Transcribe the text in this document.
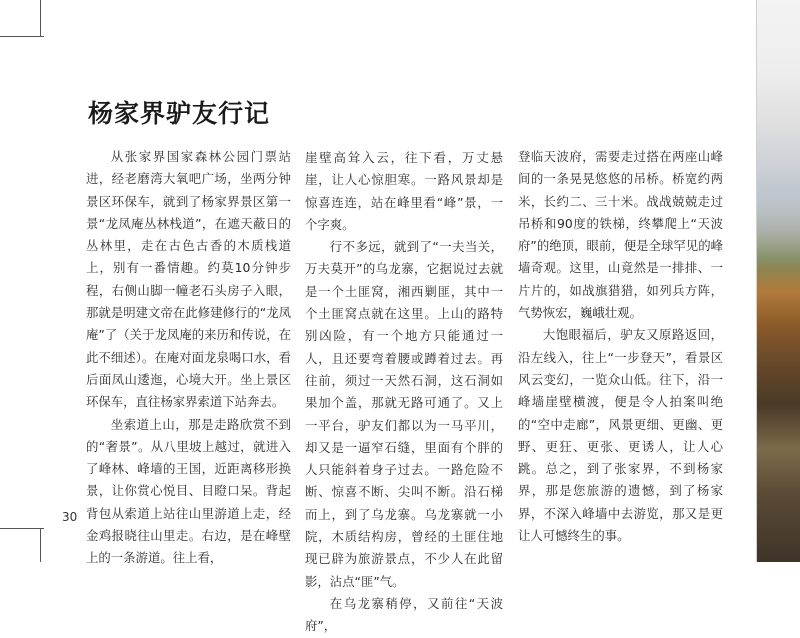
杨家界驴友行记

从张家界国家森林公园门票站进，经老磨湾大氧吧广场，坐两分钟景区环保车，就到了杨家界景区第一景“龙凤庵丛林栈道”，在遮天蔽日的丛林里，走在古色古香的木质栈道上，别有一番情趣。约莫10分钟步程，右侧山脚一幢老石头房子入眼，那就是明建文帝在此修建修行的“龙凤庵”了（关于龙凤庵的来历和传说，在此不细述）。在庵对面龙泉喝口水，看后面凤山逶迤，心境大开。坐上景区环保车，直往杨家界索道下站奔去。

坐索道上山，那是走路欣赏不到的“奢景”。从八里坡上越过，就进入了峰林、峰墙的王国，近距离移形换景，让你赏心悦目、目瞪口呆。背起背包从索道上站往山里游道上走，经金鸡报晓往山里走。右边，是在峰壁上的一条游道。往上看，

崖壁高耸入云，往下看，万丈悬崖，让人心惊胆寒。一路风景却是惊喜连连，站在峰里看“峰”景，一个字爽。

行不多远，就到了“一夫当关，万夫莫开”的乌龙寨，它据说过去就是一个土匪窝，湘西剿匪，其中一个土匪窝点就在这里。上山的路特别凶险，有一个地方只能通过一人，且还要弯着腰或蹲着过去。再往前，须过一天然石洞，这石洞如果加个盖，那就无路可通了。又上一平台，驴友们都以为一马平川，却又是一逼窄石缝，里面有个胖的人只能斜着身子过去。一路危险不断、惊喜不断、尖叫不断。沿石梯而上，到了乌龙寨。乌龙寨就一小院，木质结构房，曾经的土匪住地现已辟为旅游景点，不少人在此留影，沾点“匪”气。

在乌龙寨稍停，又前往“天波府”，

登临天波府，需要走过搭在两座山峰间的一条晃晃悠悠的吊桥。桥宽约两米，长约二、三十米。战战兢兢走过吊桥和90度的铁梯，终攀爬上“天波府”的绝顶，眼前，便是全球罕见的峰墙奇观。这里，山竟然是一排排、一片片的，如战旗猎猎，如列兵方阵，气势恢宏，巍峨壮观。

大饱眼福后，驴友又原路返回，沿左线入，往上“一步登天”，看景区风云变幻，一览众山低。往下，沿一峰墙崖壁横渡，便是令人拍案叫绝的“空中走廊”，风景更细、更幽、更野、更狂、更张、更诱人，让人心跳。总之，到了张家界，不到杨家界，那是您旅游的遗憾，到了杨家界，不深入峰墙中去游览，那又是更让人可憾终生的事。

30
